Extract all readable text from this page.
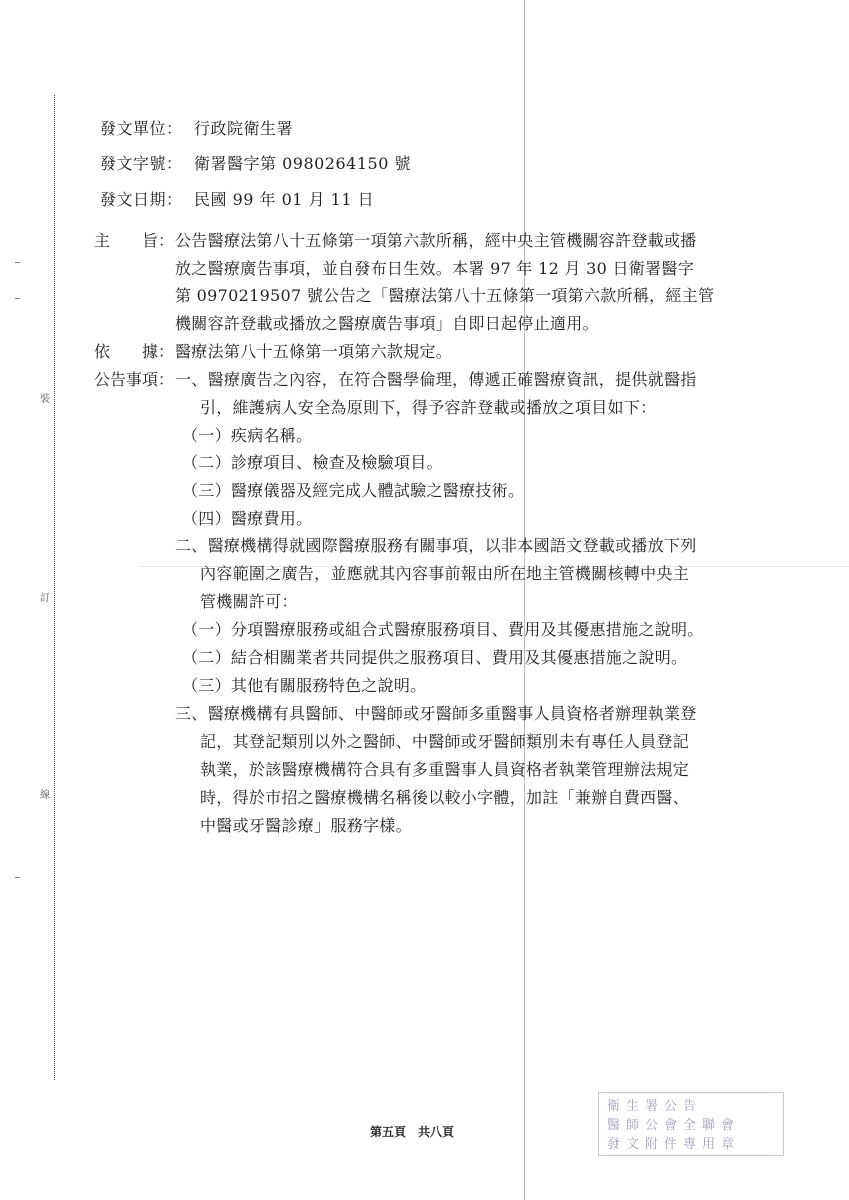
裝
訂
線
發文單位： 行政院衛生署
發文字號： 衛署醫字第 0980264150 號
發文日期： 民國 99 年 01 月 11 日
主　　旨： 公告醫療法第八十五條第一項第六款所稱，經中央主管機關容許登載或播
放之醫療廣告事項，並自發布日生效。本署 97 年 12 月 30 日衛署醫字
第 0970219507 號公告之「醫療法第八十五條第一項第六款所稱，經主管
機關容許登載或播放之醫療廣告事項」自即日起停止適用。
依　　據： 醫療法第八十五條第一項第六款規定。
公告事項： 一、醫療廣告之內容，在符合醫學倫理，傳遞正確醫療資訊，提供就醫指
引，維護病人安全為原則下，得予容許登載或播放之項目如下：
（一）疾病名稱。
（二）診療項目、檢查及檢驗項目。
（三）醫療儀器及經完成人體試驗之醫療技術。
（四）醫療費用。
二、醫療機構得就國際醫療服務有關事項，以非本國語文登載或播放下列
內容範圍之廣告，並應就其內容事前報由所在地主管機關核轉中央主
管機關許可：
（一）分項醫療服務或組合式醫療服務項目、費用及其優惠措施之說明。
（二）結合相關業者共同提供之服務項目、費用及其優惠措施之說明。
（三）其他有關服務特色之說明。
三、醫療機構有具醫師、中醫師或牙醫師多重醫事人員資格者辦理執業登
記，其登記類別以外之醫師、中醫師或牙醫師類別未有專任人員登記
執業，於該醫療機構符合具有多重醫事人員資格者執業管理辦法規定
時，得於市招之醫療機構名稱後以較小字體，加註「兼辦自費西醫、
中醫或牙醫診療」服務字樣。
第五頁　共八頁
衛生署公告
醫師公會全聯會
發文附件專用章
